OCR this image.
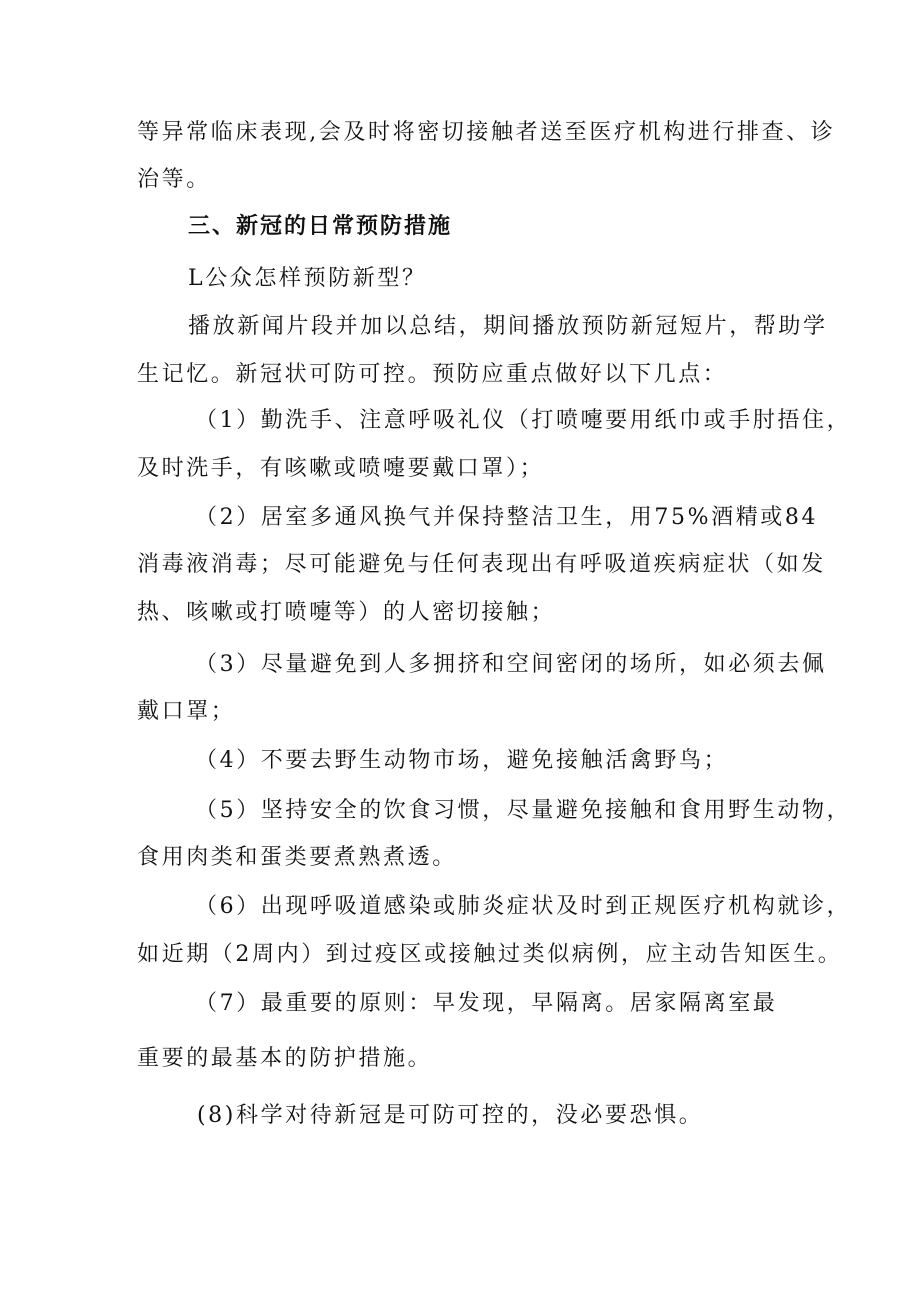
等异常临床表现,会及时将密切接触者送至医疗机构进行排查、诊
治等。
三、新冠的日常预防措施
L公众怎样预防新型？
播放新闻片段并加以总结，期间播放预防新冠短片，帮助学
生记忆。新冠状可防可控。预防应重点做好以下几点：
（1）勤洗手、注意呼吸礼仪（打喷嚏要用纸巾或手肘捂住，
及时洗手，有咳嗽或喷嚏要戴口罩）；
（2）居室多通风换气并保持整洁卫生，用75%酒精或84
消毒液消毒；尽可能避免与任何表现出有呼吸道疾病症状（如发
热、咳嗽或打喷嚏等）的人密切接触；
（3）尽量避免到人多拥挤和空间密闭的场所，如必须去佩
戴口罩；
（4）不要去野生动物市场，避免接触活禽野鸟；
（5）坚持安全的饮食习惯，尽量避免接触和食用野生动物，
食用肉类和蛋类要煮熟煮透。
（6）出现呼吸道感染或肺炎症状及时到正规医疗机构就诊，
如近期（2周内）到过疫区或接触过类似病例，应主动告知医生。
（7）最重要的原则：早发现，早隔离。居家隔离室最
重要的最基本的防护措施。
(8)科学对待新冠是可防可控的，没必要恐惧。
